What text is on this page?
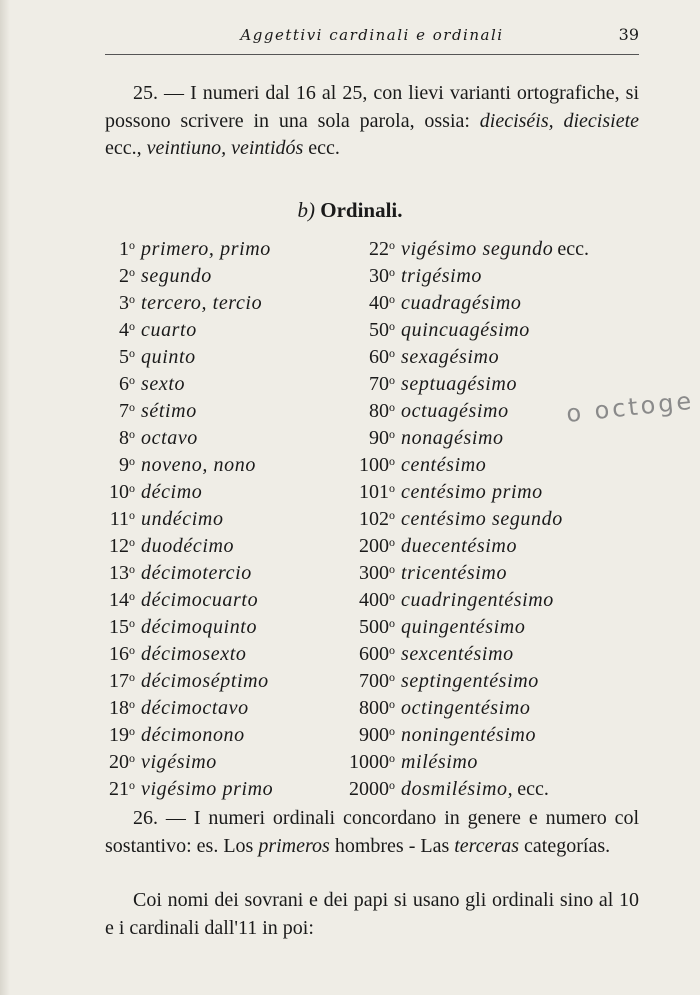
Aggettivi cardinali e ordinali	39
25. — I numeri dal 16 al 25, con lievi varianti ortografiche, si possono scrivere in una sola parola, ossia: dieciséis, diecisiete ecc., veintiuno, veintidós ecc.
b) Ordinali.
1$^o$ primero, primo
2$^o$ segundo
3$^o$ tercero, tercio
4$^o$ cuarto
5$^o$ quinto
6$^o$ sexto
7$^o$ sétimo
8$^o$ octavo
9$^o$ noveno, nono
10$^o$ décimo
11$^o$ undécimo
12$^o$ duodécimo
13$^o$ décimotercio
14$^o$ décimocuarto
15$^o$ décimoquinto
16$^o$ décimosexto
17$^o$ décimoséptimo
18$^o$ décimoctavo
19$^o$ décimonono
20$^o$ vigésimo
21$^o$ vigésimo primo
22$^o$ vigésimo segundo ecc.
30$^o$ trigésimo
40$^o$ cuadragésimo
50$^o$ quincuagésimo
60$^o$ sexagésimo
70$^o$ septuagésimo
80$^o$ octuagésimo
90$^o$ nonagésimo
100$^o$ centésimo
101$^o$ centésimo primo
102$^o$ centésimo segundo
200$^o$ duecentésimo
300$^o$ tricentésimo
400$^o$ cuadringentésimo
500$^o$ quingentésimo
600$^o$ sexcentésimo
700$^o$ septingentésimo
800$^o$ octingentésimo
900$^o$ noningentésimo
1000$^o$ milésimo
2000$^o$ dosmilésimo, ecc.
o octoge
26. — I numeri ordinali concordano in genere e numero col sostantivo: es. Los primeros hombres - Las terceras categorías.
Coi nomi dei sovrani e dei papi si usano gli ordinali sino al 10 e i cardinali dall'11 in poi:
